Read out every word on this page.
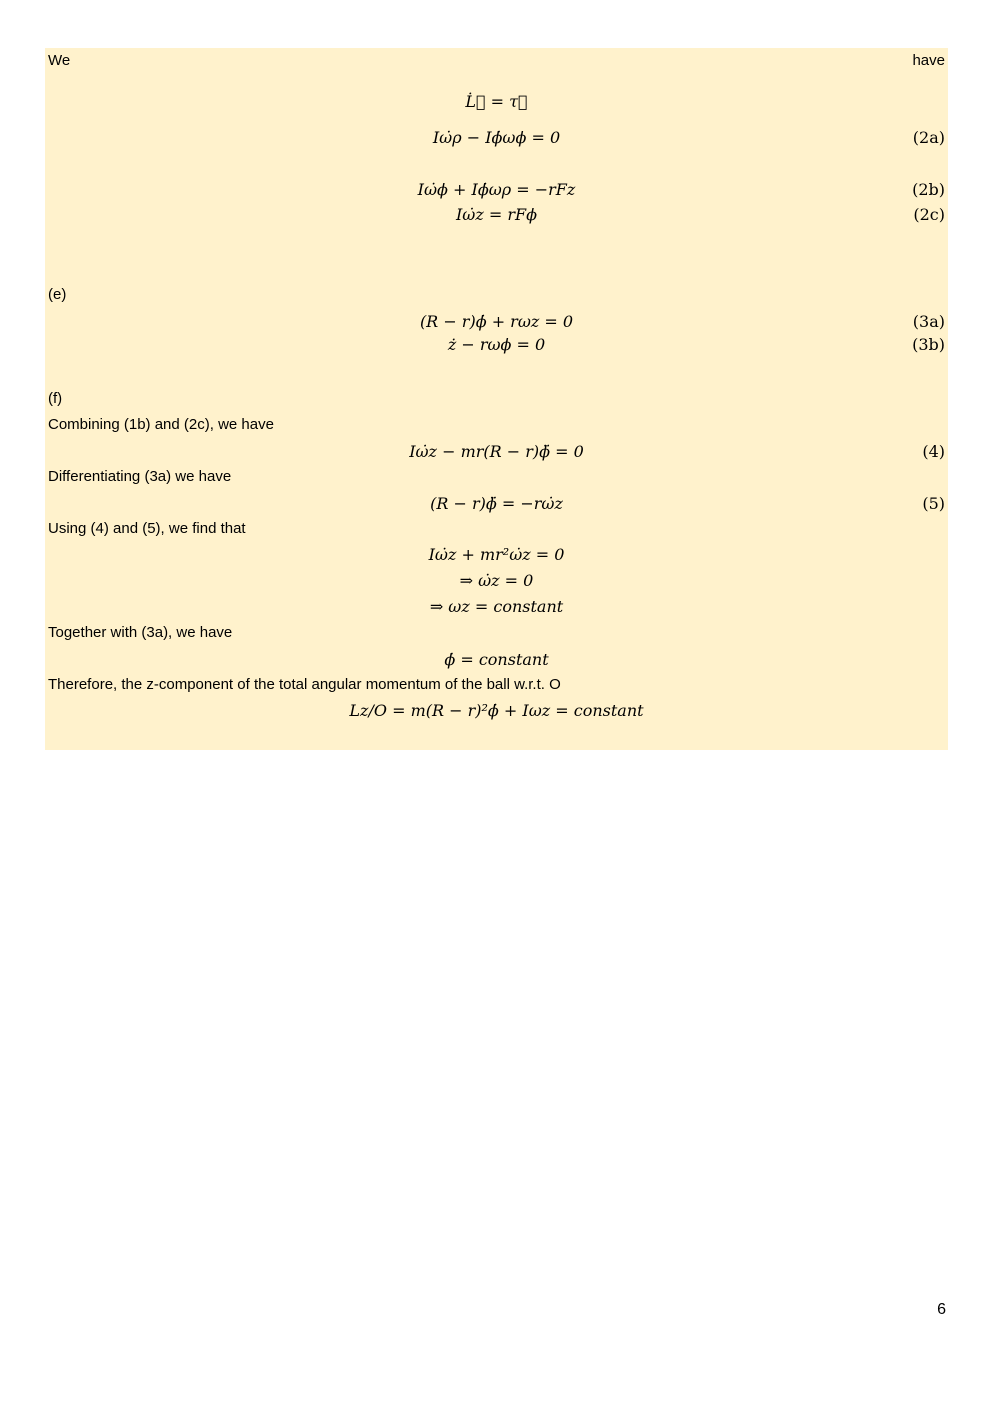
We	have
L̇⃗ = τ⃗
Iω̇ρ − Iϕ̇ωϕ = 0	(2a)
Iω̇ϕ + Iϕ̇ωρ = −rFz	(2b)
Iω̇z = rFϕ	(2c)
(e)
(R − r)ϕ̇ + rωz = 0	(3a)
ż − rωϕ = 0	(3b)
(f)
Combining (1b) and (2c), we have
Iω̇z − mr(R − r)ϕ̈ = 0	(4)
Differentiating (3a) we have
(R − r)ϕ̈ = −rω̇z	(5)
Using (4) and (5), we find that
Iω̇z + mr²ω̇z = 0
⇒ ω̇z = 0
⇒ ωz = constant
Together with (3a), we have
ϕ̇ = constant
Therefore, the z-component of the total angular momentum of the ball w.r.t. O
Lz/O = m(R − r)²ϕ̇ + Iωz = constant
6
